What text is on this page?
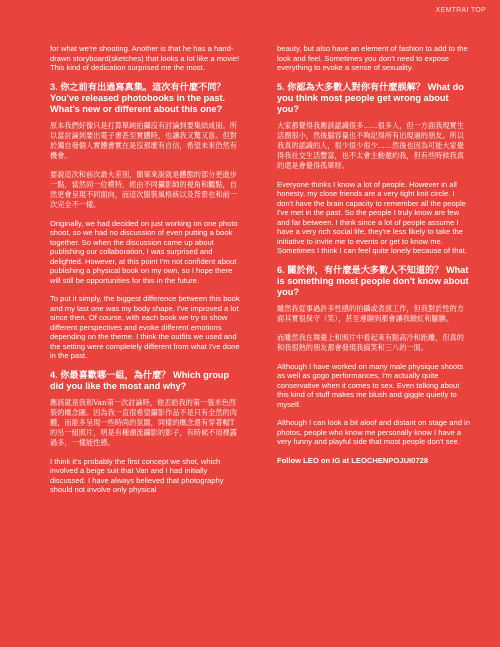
XEMTRAI TOP

for what we're shooting. Another is that he has a hand-drawn storyboard(sketches) that looks a lot like a movie! This kind of dedication surprised me the most.

3. 你之前有出過寫真集。這次有什麼不同？ You've released photobooks in the past. What's new or different about this one?

原本我們好像只是打算單純拍攝沒有討論到要集結成冊。所以當討論到要出電子書甚至實體時，也讓我又驚又喜。但對於獨自發個人實體書實在是沒那麼有自信，希望未來仍然有機會。

要說這次和前次最大差別，簡單來說就是體態的部分更進步一點，當然同一位模特，經由不同攝影師的視角和觀點，自然更會呈現不同面向，而這次服裝風格統以及背景也和前一次完全不一樣。

Originally, we had decided on just working on one photo shoot, so we had no discussion of even putting a book together. So when the discussion came up about publishing our collaboration, I was surprised and delighted. However, at this point I'm not confident about publishing a physical book on my own, so I hope there will still be opportunities for this in the future.

To put it simply, the biggest difference between this book and my last one was my body shape. I've improved a lot since then. Of course, with each book we try to show different perspectives and evoke different emotions depending on the theme. I think the outfits we used and the setting were completely different from what I've done in the past.

4. 你最喜歡哪一組，為什麼？ Which group did you like the most and why?

應該就是我和Van第一次討論時，他丟給我的第一張米色西裝的概念圖。因為我一直很希望攝影作品不是只有全然的肉體，而能多呈現一些時尚的氛圍，同樣的概念還有穿著帽T的另一組照片，明是有種潮流攝影的影子，有時候不用裸露過多，一樣能性感。

I think it's probably the first concept we shot, which involved a beige suit that Van and I had initially discussed. I have always believed that photography should not involve only physical

beauty, but also have an element of fashion to add to the look and feel. Sometimes you don't need to expose everything to evoke a sense of sexuality.

5. 你認為大多數人對你有什麼誤解？ What do you think most people get wrong about you?

大家都覺得我應該認識很多……很多人，但一方面我現實生活圈很小，然後腦容量也不夠記得所有出現過的朋友。所以我真的認識的人，很少很少很少……然後也因為可能大家覺得我社交生活豐富，也不太會主動邀約我，但有些時候我真的還是會覺得孤單呀。

Everyone thinks I know a lot of people. However in all honesty, my close friends are a very tight knit circle. I don't have the brain capacity to remember all the people I've met in the past. So the people I truly know are few and far between. I think since a lot of people assume I have a very rich social life, they're less likely to take the initiative to invite me to events or get to know me. Sometimes I think I can feel quite lonely because of that.

6. 關於你，有什麼是大多數人不知道的？ What is something most people don't know about you?

雖然我從事過許多性感的拍攝或表演工作，但我對於性的方面其實很保守（笑），甚至連聊到都會讓我臉紅和腼腆。

而雖然我在舞臺上和照片中看起來有點高冷和距離，但真的和我很熟的朋友都會發現我搞笑和三八的一面。

Although I have worked on many male physique shoots as well as gogo performances, I'm actually quite conservative when it comes to sex. Even talking about this kind of stuff makes me blush and giggle quietly to myself.

Although I can look a bit aloof and distant on stage and in photos, people who know me personally know I have a very funny and playful side that most people don't see.

Follow LEO on IG at LEOCHENPOJUI0728
